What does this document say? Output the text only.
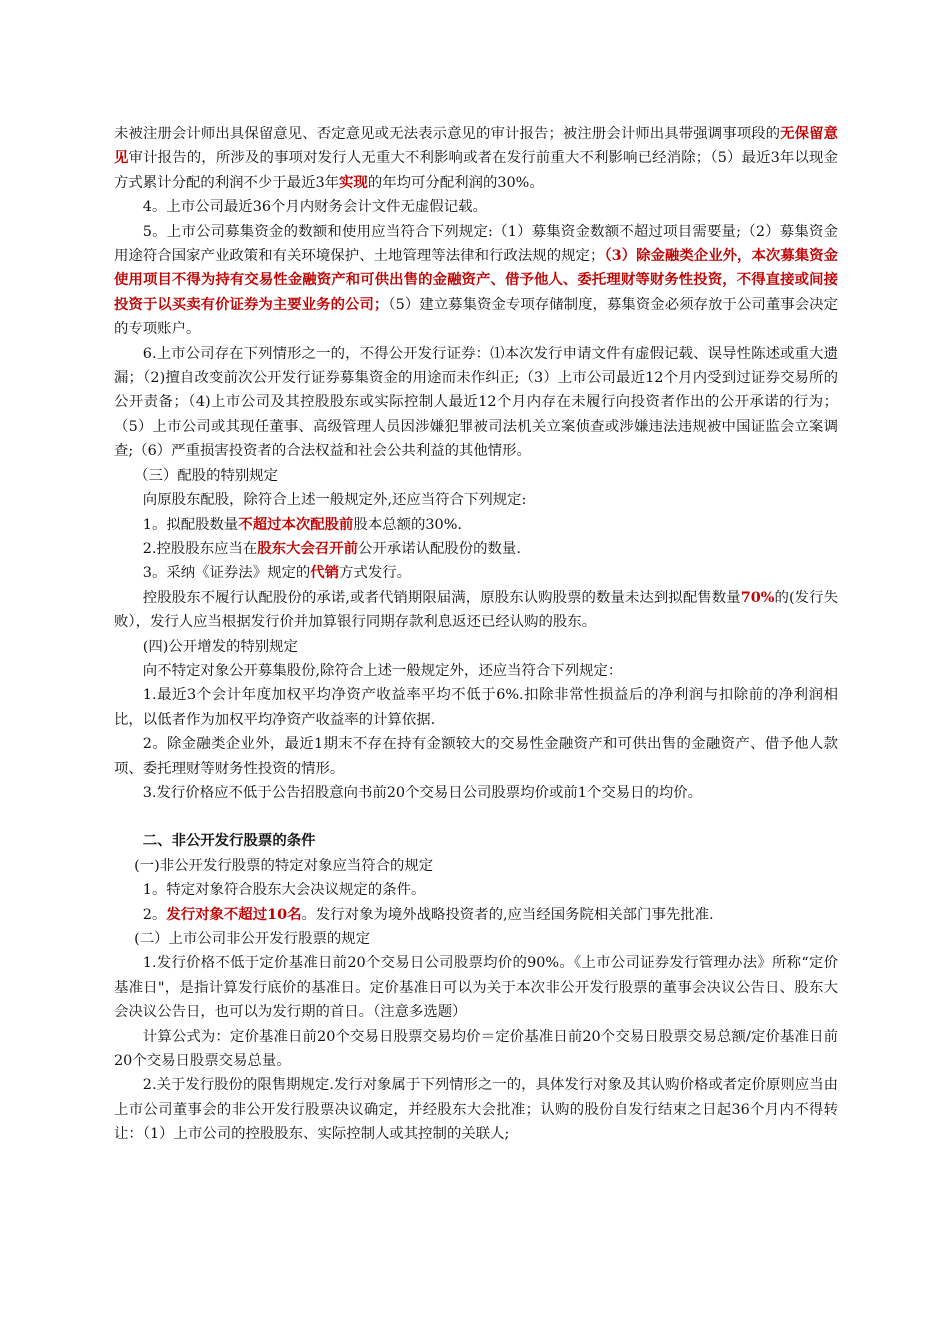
未被注册会计师出具保留意见、否定意见或无法表示意见的审计报告；被注册会计师出具带强调事项段的无保留意见审计报告的，所涉及的事项对发行人无重大不利影响或者在发行前重大不利影响已经消除；（5）最近3年以现金方式累计分配的利润不少于最近3年实现的年均可分配利润的30%。

4。上市公司最近36个月内财务会计文件无虚假记载。

5。上市公司募集资金的数额和使用应当符合下列规定:（1）募集资金数额不超过项目需要量;（2）募集资金用途符合国家产业政策和有关环境保护、土地管理等法律和行政法规的规定；（3）除金融类企业外，本次募集资金使用项目不得为持有交易性金融资产和可供出售的金融资产、借予他人、委托理财等财务性投资，不得直接或间接投资于以买卖有价证券为主要业务的公司；（5）建立募集资金专项存储制度，募集资金必须存放于公司董事会决定的专项账户。

6.上市公司存在下列情形之一的，不得公开发行证券：⑴本次发行申请文件有虚假记载、误导性陈述或重大遗漏；（2)擅自改变前次公开发行证券募集资金的用途而未作纠正;（3）上市公司最近12个月内受到过证券交易所的公开责备；（4)上市公司及其控股股东或实际控制人最近12个月内存在未履行向投资者作出的公开承诺的行为；（5）上市公司或其现任董事、高级管理人员因涉嫌犯罪被司法机关立案侦查或涉嫌违法违规被中国证监会立案调查;（6）严重损害投资者的合法权益和社会公共利益的其他情形。

（三）配股的特别规定

向原股东配股，除符合上述一般规定外,还应当符合下列规定:

1。拟配股数量不超过本次配股前股本总额的30%.

2.控股股东应当在股东大会召开前公开承诺认配股份的数量.

3。采纳《证券法》规定的代销方式发行。

控股股东不履行认配股份的承诺,或者代销期限届满，原股东认购股票的数量未达到拟配售数量70%的(发行失败），发行人应当根据发行价并加算银行同期存款利息返还已经认购的股东。

(四)公开增发的特别规定

向不特定对象公开募集股份,除符合上述一般规定外，还应当符合下列规定：

1.最近3个会计年度加权平均净资产收益率平均不低于6%.扣除非常性损益后的净利润与扣除前的净利润相比，以低者作为加权平均净资产收益率的计算依据.

2。除金融类企业外，最近1期末不存在持有金额较大的交易性金融资产和可供出售的金融资产、借予他人款项、委托理财等财务性投资的情形。

3.发行价格应不低于公告招股意向书前20个交易日公司股票均价或前1个交易日的均价。

二、非公开发行股票的条件

(一)非公开发行股票的特定对象应当符合的规定

1。特定对象符合股东大会决议规定的条件。

2。发行对象不超过10名。发行对象为境外战略投资者的,应当经国务院相关部门事先批准.

(二）上市公司非公开发行股票的规定

1.发行价格不低于定价基准日前20个交易日公司股票均价的90%。《上市公司证券发行管理办法》所称“定价基准日"，是指计算发行底价的基准日。定价基准日可以为关于本次非公开发行股票的董事会决议公告日、股东大会决议公告日，也可以为发行期的首日。（注意多选题）

计算公式为：定价基准日前20个交易日股票交易均价＝定价基准日前20个交易日股票交易总额/定价基准日前20个交易日股票交易总量。

2.关于发行股份的限售期规定.发行对象属于下列情形之一的，具体发行对象及其认购价格或者定价原则应当由上市公司董事会的非公开发行股票决议确定，并经股东大会批准；认购的股份自发行结束之日起36个月内不得转让：（1）上市公司的控股股东、实际控制人或其控制的关联人;
